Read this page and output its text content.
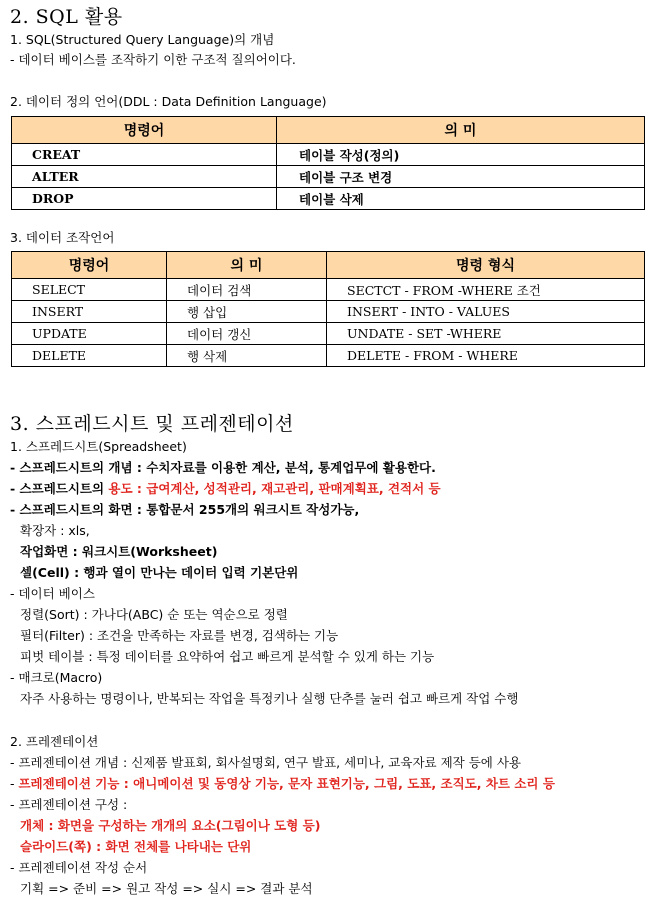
2. SQL 활용
1. SQL(Structured Query Language)의 개념
- 데이터 베이스를 조작하기 이한 구조적 질의어이다.
2. 데이터 정의 언어(DDL : Data Definition Language)
명령어	의 미
CREAT	테이블 작성(정의)
ALTER	테이블 구조 변경
DROP	테이블 삭제
3. 데이터 조작언어
명령어	의 미	명령 형식
SELECT	데이터 검색	SECTCT - FROM -WHERE 조건
INSERT	행 삽입	INSERT - INTO - VALUES
UPDATE	데이터 갱신	UNDATE - SET -WHERE
DELETE	행 삭제	DELETE - FROM - WHERE
3. 스프레드시트 및 프레젠테이션
1. 스프레드시트(Spreadsheet)
- 스프레드시트의 개념 : 수치자료를 이용한 계산, 분석, 통계업무에 활용한다.
- 스프레드시트의 용도 : 급여계산, 성적관리, 재고관리, 판매계획표, 견적서 등
- 스프레드시트의 화면 : 통합문서 255개의 워크시트 작성가능,
확장자 : xls,
작업화면 : 워크시트(Worksheet)
셀(Cell) : 행과 열이 만나는 데이터 입력 기본단위
- 데이터 베이스
정렬(Sort) : 가나다(ABC) 순 또는 역순으로 정렬
필터(Filter) : 조건을 만족하는 자료를 변경, 검색하는 기능
피벗 테이블 : 특정 데이터를 요약하여 쉽고 빠르게 분석할 수 있게 하는 기능
- 매크로(Macro)
자주 사용하는 명령이나, 반복되는 작업을 특정키나 실행 단추를 눌러 쉽고 빠르게 작업 수행
2. 프레젠테이션
- 프레젠테이션 개념 : 신제품 발표회, 회사설명회, 연구 발표, 세미나, 교육자료 제작 등에 사용
- 프레젠테이션 기능 : 애니메이션 및 동영상 기능, 문자 표현기능, 그림, 도표, 조직도, 차트 소리 등
- 프레젠테이션 구성 :
개체 : 화면을 구성하는 개개의 요소(그림이나 도형 등)
슬라이드(쪽) : 화면 전체를 나타내는 단위
- 프레젠테이션 작성 순서
기획 => 준비 => 원고 작성 => 실시 => 결과 분석
